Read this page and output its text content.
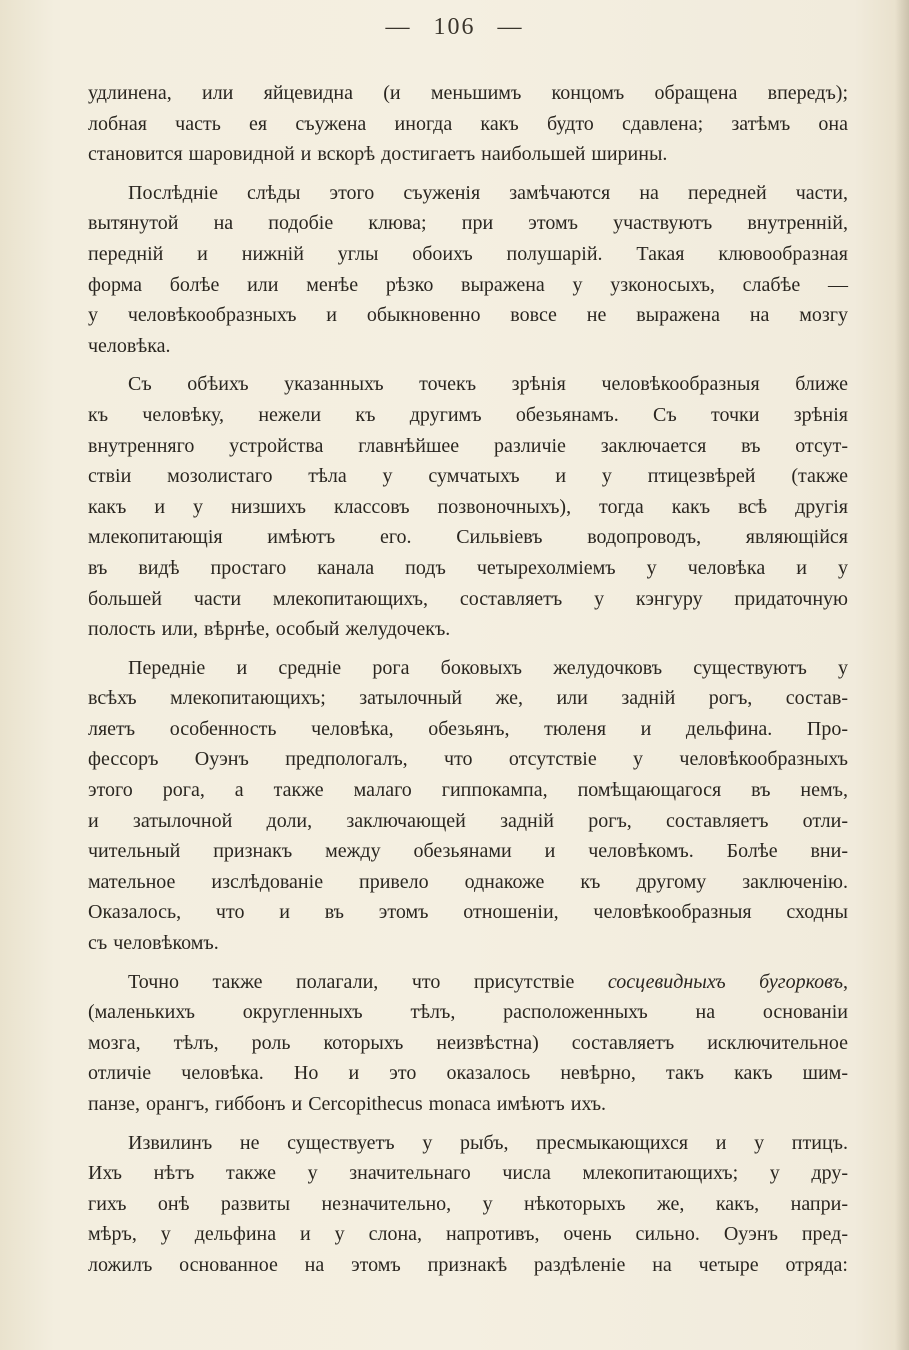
— 106 —
удлинена, или яйцевидна (и меньшимъ концомъ обращена впередъ);
лобная часть ея съужена иногда какъ будто сдавлена; затѣмъ она
становится шаровидной и вскорѣ достигаетъ наибольшей ширины.
Послѣдніе слѣды этого съуженія замѣчаются на передней части,
вытянутой на подобіе клюва; при этомъ участвуютъ внутренній,
передній и нижній углы обоихъ полушарій. Такая клювообразная
форма болѣе или менѣе рѣзко выражена у узконосыхъ, слабѣе —
у человѣкообразныхъ и обыкновенно вовсе не выражена на мозгу
человѣка.
Съ обѣихъ указанныхъ точекъ зрѣнія человѣкообразныя ближе
къ человѣку, нежели къ другимъ обезьянамъ. Съ точки зрѣнія
внутренняго устройства главнѣйшее различіе заключается въ отсут-
ствіи мозолистаго тѣла у сумчатыхъ и у птицезвѣрей (также
какъ и у низшихъ классовъ позвоночныхъ), тогда какъ всѣ другія
млекопитающія имѣютъ его. Сильвіевъ водопроводъ, являющійся
въ видѣ простаго канала подъ четырехолміемъ у человѣка и у
большей части млекопитающихъ, составляетъ у кэнгуру придаточную
полость или, вѣрнѣе, особый желудочекъ.
Передніе и средніе рога боковыхъ желудочковъ существуютъ у
всѣхъ млекопитающихъ; затылочный же, или задній рогъ, состав-
ляетъ особенность человѣка, обезьянъ, тюленя и дельфина. Про-
фессоръ Оуэнъ предпологалъ, что отсутствіе у человѣкообразныхъ
этого рога, а также малаго гиппокампа, помѣщающагося въ немъ,
и затылочной доли, заключающей задній рогъ, составляетъ отли-
чительный признакъ между обезьянами и человѣкомъ. Болѣе вни-
мательное изслѣдованіе привело однакоже къ другому заключенію.
Оказалось, что и въ этомъ отношеніи, человѣкообразныя сходны
съ человѣкомъ.
Точно также полагали, что присутствіе сосцевидныхъ бугорковъ,
(маленькихъ округленныхъ тѣлъ, расположенныхъ на основаніи
мозга, тѣлъ, роль которыхъ неизвѣстна) составляетъ исключительное
отличіе человѣка. Но и это оказалось невѣрно, такъ какъ шим-
панзе, орангъ, гиббонъ и Cercopithecus monaca имѣютъ ихъ.
Извилинъ не существуетъ у рыбъ, пресмыкающихся и у птицъ.
Ихъ нѣтъ также у значительнаго числа млекопитающихъ; у дру-
гихъ онѣ развиты незначительно, у нѣкоторыхъ же, какъ, напри-
мѣръ, у дельфина и у слона, напротивъ, очень сильно. Оуэнъ пред-
ложилъ основанное на этомъ признакѣ раздѣленіе на четыре отряда:
